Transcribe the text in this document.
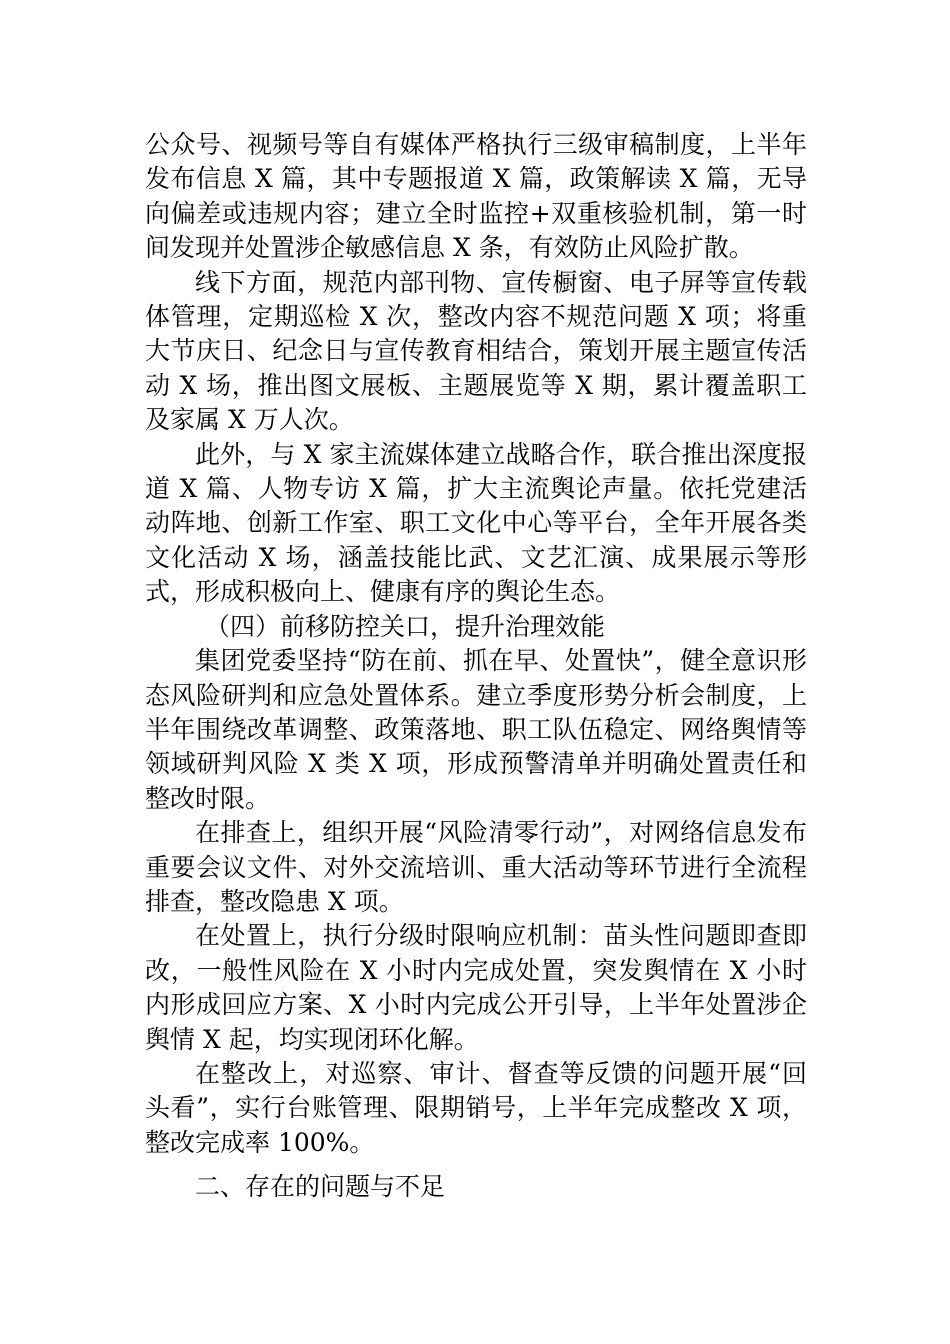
公众号、视频号等自有媒体严格执行三级审稿制度，上半年发布信息 X 篇，其中专题报道 X 篇，政策解读 X 篇，无导向偏差或违规内容；建立全时监控+双重核验机制，第一时间发现并处置涉企敏感信息 X 条，有效防止风险扩散。

线下方面，规范内部刊物、宣传橱窗、电子屏等宣传载体管理，定期巡检 X 次，整改内容不规范问题 X 项；将重大节庆日、纪念日与宣传教育相结合，策划开展主题宣传活动 X 场，推出图文展板、主题展览等 X 期，累计覆盖职工及家属 X 万人次。

此外，与 X 家主流媒体建立战略合作，联合推出深度报道 X 篇、人物专访 X 篇，扩大主流舆论声量。依托党建活动阵地、创新工作室、职工文化中心等平台，全年开展各类文化活动 X 场，涵盖技能比武、文艺汇演、成果展示等形式，形成积极向上、健康有序的舆论生态。

（四）前移防控关口，提升治理效能

集团党委坚持“防在前、抓在早、处置快”，健全意识形态风险研判和应急处置体系。建立季度形势分析会制度，上半年围绕改革调整、政策落地、职工队伍稳定、网络舆情等领域研判风险 X 类 X 项，形成预警清单并明确处置责任和整改时限。

在排查上，组织开展“风险清零行动”，对网络信息发布重要会议文件、对外交流培训、重大活动等环节进行全流程排查，整改隐患 X 项。

在处置上，执行分级时限响应机制：苗头性问题即查即改，一般性风险在 X 小时内完成处置，突发舆情在 X 小时内形成回应方案、X 小时内完成公开引导，上半年处置涉企舆情 X 起，均实现闭环化解。

在整改上，对巡察、审计、督查等反馈的问题开展“回头看”，实行台账管理、限期销号，上半年完成整改 X 项，整改完成率 100%。

二、存在的问题与不足
